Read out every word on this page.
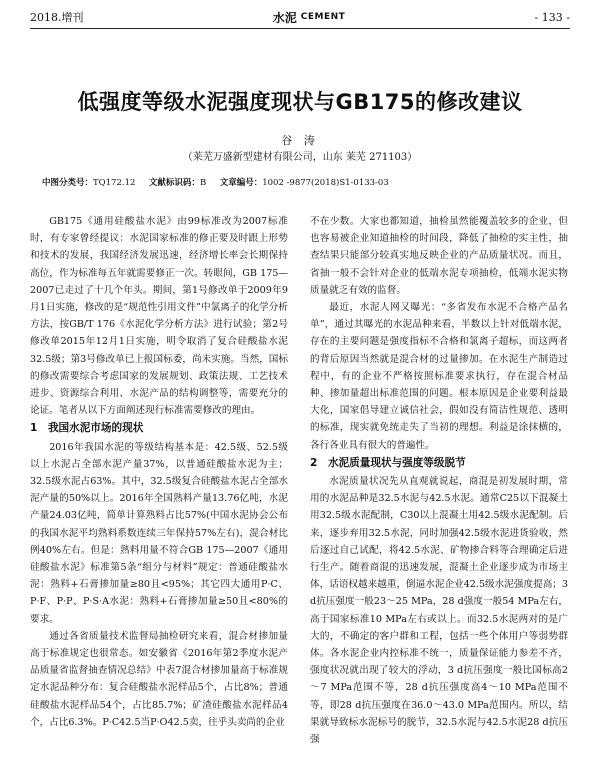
2018.增刊	水泥 CEMENT	- 133 -
低强度等级水泥强度现状与GB175的修改建议
谷 涛
（莱芜万盛新型建材有限公司，山东 莱芜 271103）
中图分类号：TQ172.12 文献标识码：B 文章编号：1002 -9877(2018)S1-0133-03

GB175《通用硅酸盐水泥》由99标准改为2007标准时，有专家曾经提议：水泥国家标准的修正要及时跟上形势和技术的发展，我国经济发展迅速，经济增长率会长期保持高位，作为标准每五年就需要修正一次。转眼间，GB 175—2007已走过了十几个年头。期间，第1号修改单于2009年9月1日实施，修改的是“规范性引用文件”中氯离子的化学分析方法，按GB/T 176《水泥化学分析方法》进行试验；第2号修改单2015年12月1日实施，明令取消了复合硅酸盐水泥32.5级；第3号修改单已上报国标委，尚未实施。当然，国标的修改需要综合考虑国家的发展规划、政策法规、工艺技术进步、资源综合利用、水泥产品的结构调整等，需要充分的论证。笔者从以下方面阐述现行标准需要修改的理由。

1　我国水泥市场的现状

2016年我国水泥的等级结构基本是：42.5级、52.5级以上水泥占全部水泥产量37%，以普通硅酸盐水泥为主；32.5级水泥占63%。其中，32.5级复合硅酸盐水泥占全部水泥产量的50%以上。2016年全国熟料产量13.76亿吨，水泥产量24.03亿吨，简单计算熟料占比57%(中国水泥协会公布的我国水泥平均熟料系数连续三年保持57%左右)，混合材比例40%左右。但是：熟料用量不符合GB 175—2007《通用硅酸盐水泥》标准第5条“组分与材料”规定：普通硅酸盐水泥：熟料+石膏掺加量≥80且<95%；其它四大通用P·C、P·F、P·P、P·S·A水泥：熟料+石膏掺加量≥50且<80%的要求。

通过各省质量技术监督局抽检研究来看，混合材掺加量高于标准规定也很常态。如安徽省《2016年第2季度水泥产品质量省监督抽查情况总结》中表7混合材掺加量高于标准规定水泥品种分布：复合硅酸盐水泥样品5个，占比8%；普通硅酸盐水泥样品54个，占比85.7%；矿渣硅酸盐水泥样品4个，占比6.3%。P·C42.5当P·O42.5卖，往乎头卖尚的企业

不在少数。大家也都知道，抽检虽然能覆盖较多的企业，但也容易被企业知道抽检的时间段，降低了抽检的实主性，抽查结果只能部分较真实地反映企业的产品质量状况。而且，省抽一般不会针对企业的低端水泥专项抽检，低端水泥实物质量就乏有效的监督。

最近，水泥人网又曝光：“多省发布水泥不合格产品名单”，通过其曝光的水泥品种来看，半数以上针对低端水泥，存在的主要问题是强度指标不合格和氯离子超标，而这两者的背后原因当然就是混合材的过量掺加。在水泥生产制造过程中，有的企业不严格按照标准要求执行，存在混合材品种、掺加量超出标准范围的问题。根本原因是企业要利益最大化，国家倡导建立诚信社会，假如没有简洁性规范、透明的标准，现实就免统走失了当初的理想。利益是涂抹横的，各行各业具有很大的普遍性。

2　水泥质量现状与强度等级脱节

水泥质量状况先从直观就说起，商混是初发展时期，常用的水泥品种是32.5水泥与42.5水泥。通常C25以下混凝土用32.5级水泥配制，C30以上混凝土用42.5级水泥配制。后来，逐步弃用32.5水泥，同时加强42.5级水泥进货验收，然后逐过自己试配，将42.5水泥、矿物掺合料等合理确定后进行生产。随着商混的迅速发展，混凝土企业逐步成为市场主体，话语权越来越重，倒逼水泥企业42.5级水泥强度提高；3 d抗压强度一般23～25 MPa，28 d强度一般54 MPa左右，高于国家标准10 MPa左右或以上。而32.5水泥两对的是广大的，不确定的客户群和工程，包括一些个体用户等弱势群体。各水泥企业内控标准不统一，质量保证能力参差不齐，强度状况就出现了较大的浮动，3 d抗压强度一般比国标高2～7 MPa范围不等，28 d抗压强度高4～10 MPa范围不等，即28 d抗压强度在36.0～43.0 MPa范围内。所以，结果就导致标水泥标号的脱节，32.5水泥与42.5水泥28 d抗压强
